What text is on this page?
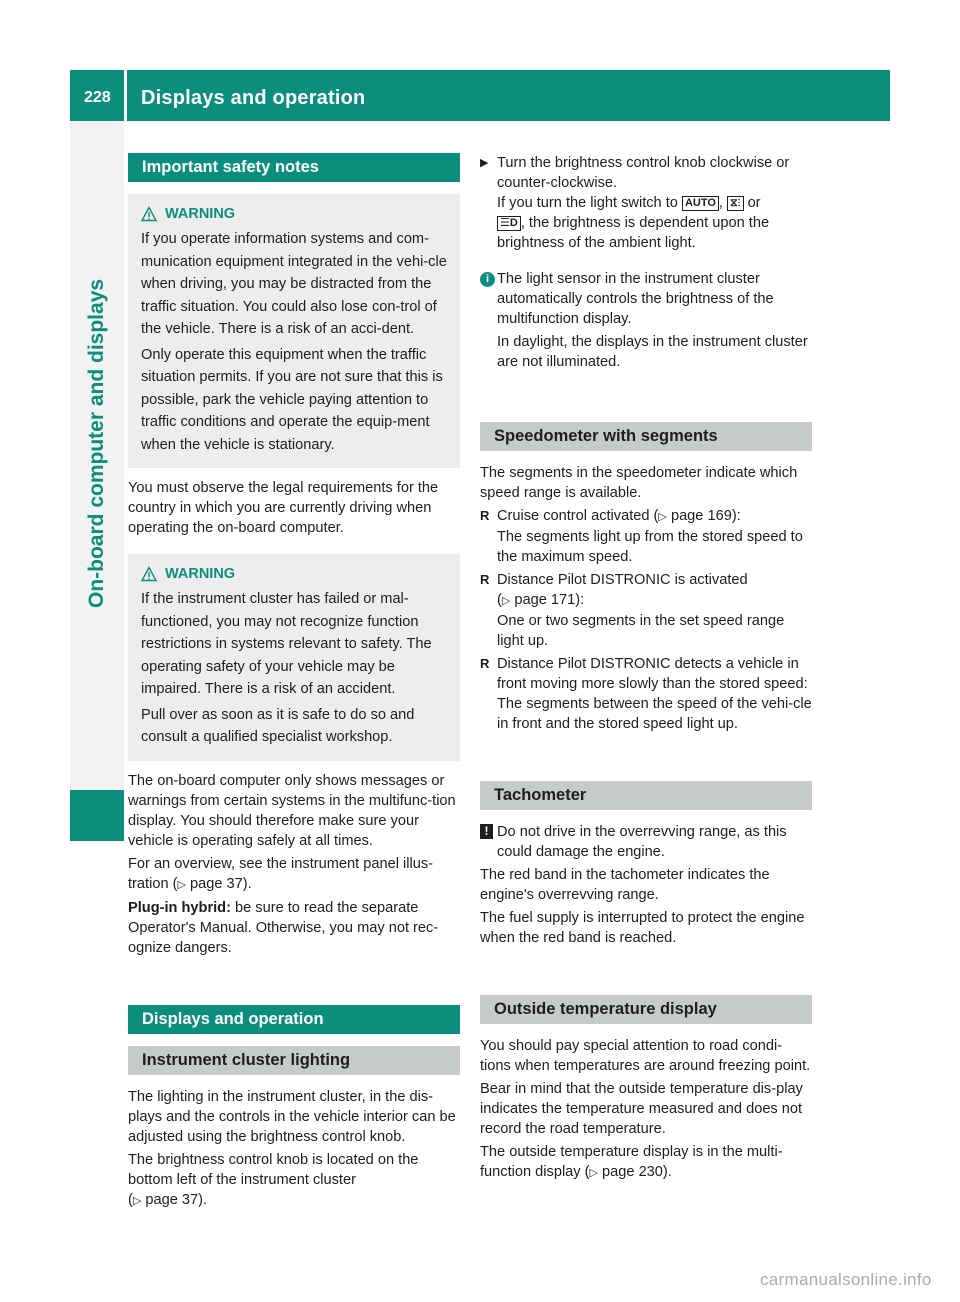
228 Displays and operation
On-board computer and displays
Important safety notes
WARNING

If you operate information systems and com-munication equipment integrated in the vehi-cle when driving, you may be distracted from the traffic situation. You could also lose con-trol of the vehicle. There is a risk of an acci-dent.

Only operate this equipment when the traffic situation permits. If you are not sure that this is possible, park the vehicle paying attention to traffic conditions and operate the equip-ment when the vehicle is stationary.

You must observe the legal requirements for the country in which you are currently driving when operating the on-board computer.

WARNING

If the instrument cluster has failed or mal-functioned, you may not recognize function restrictions in systems relevant to safety. The operating safety of your vehicle may be impaired. There is a risk of an accident.

Pull over as soon as it is safe to do so and consult a qualified specialist workshop.

The on-board computer only shows messages or warnings from certain systems in the multifunc-tion display. You should therefore make sure your vehicle is operating safely at all times.

For an overview, see the instrument panel illus-tration (▷ page 37).

Plug-in hybrid: be sure to read the separate Operator's Manual. Otherwise, you may not rec-ognize dangers.

Displays and operation
Instrument cluster lighting

The lighting in the instrument cluster, in the dis-plays and the controls in the vehicle interior can be adjusted using the brightness control knob.

The brightness control knob is located on the bottom left of the instrument cluster
(▷ page 37).

▶ Turn the brightness control knob clockwise or counter-clockwise.
If you turn the light switch to AUTO , ⧖⫶ or
☰D , the brightness is dependent upon the brightness of the ambient light.
i The light sensor in the instrument cluster automatically controls the brightness of the multifunction display.

In daylight, the displays in the instrument cluster are not illuminated.

Speedometer with segments

The segments in the speedometer indicate which speed range is available.

R Cruise control activated (▷ page 169):
The segments light up from the stored speed to the maximum speed.
R Distance Pilot DISTRONIC is activated
(▷ page 171):
One or two segments in the set speed range light up.
R Distance Pilot DISTRONIC detects a vehicle in front moving more slowly than the stored speed:
The segments between the speed of the vehi-cle in front and the stored speed light up.
Tachometer
! Do not drive in the overrevving range, as this could damage the engine.

The red band in the tachometer indicates the engine's overrevving range.

The fuel supply is interrupted to protect the engine when the red band is reached.

Outside temperature display

You should pay special attention to road condi-tions when temperatures are around freezing point.

Bear in mind that the outside temperature dis-play indicates the temperature measured and does not record the road temperature.

The outside temperature display is in the multi-function display (▷ page 230).

carmanualsonline.info
